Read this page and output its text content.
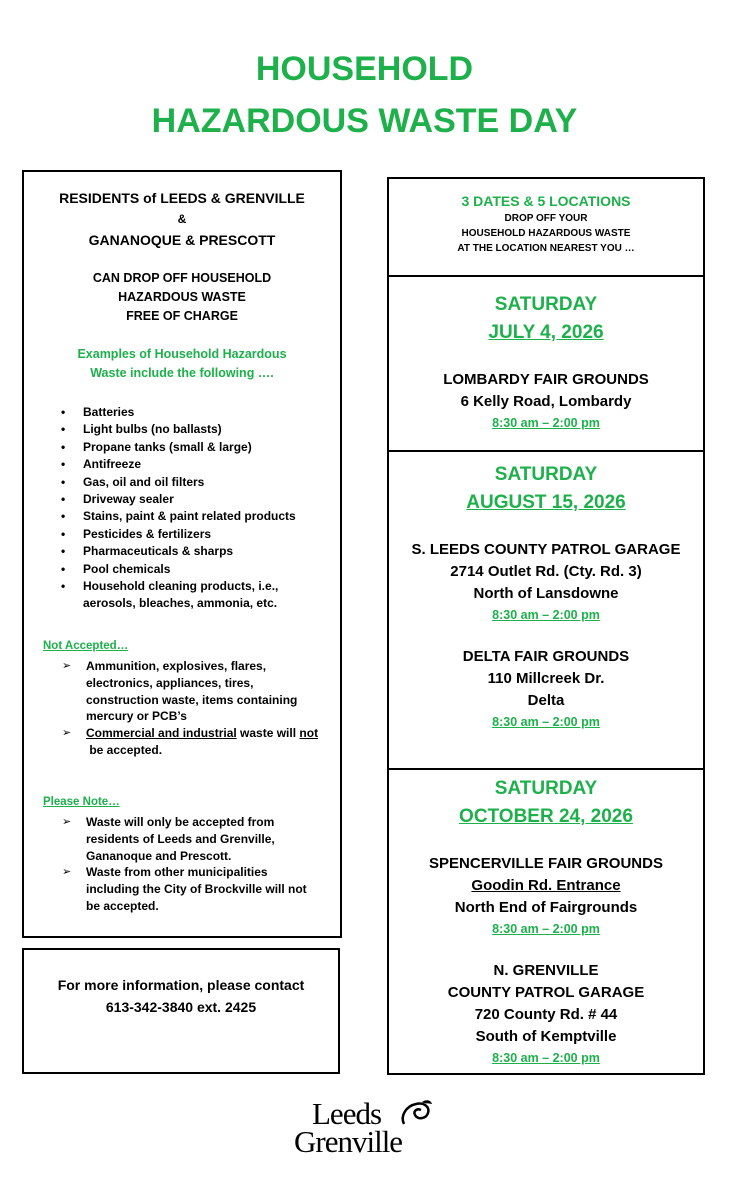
HOUSEHOLD
HAZARDOUS WASTE DAY
RESIDENTS of LEEDS & GRENVILLE
&
GANANOQUE & PRESCOTT
CAN DROP OFF HOUSEHOLD
HAZARDOUS WASTE
FREE OF CHARGE
Examples of Household Hazardous
Waste include the following ….
• Batteries
• Light bulbs (no ballasts)
• Propane tanks (small & large)
• Antifreeze
• Gas, oil and oil filters
• Driveway sealer
• Stains, paint & paint related products
• Pesticides & fertilizers
• Pharmaceuticals & sharps
• Pool chemicals
• Household cleaning products, i.e., aerosols, bleaches, ammonia, etc.
Not Accepted…
➢ Ammunition, explosives, flares, electronics, appliances, tires, construction waste, items containing mercury or PCB’s
➢ Commercial and industrial waste will not be accepted.
Please Note…
➢ Waste will only be accepted from residents of Leeds and Grenville, Gananoque and Prescott.
➢ Waste from other municipalities including the City of Brockville will not be accepted.
For more information, please contact
613-342-3840 ext. 2425
3 DATES & 5 LOCATIONS
DROP OFF YOUR
HOUSEHOLD HAZARDOUS WASTE
AT THE LOCATION NEAREST YOU …
SATURDAY
JULY 4, 2026
LOMBARDY FAIR GROUNDS
6 Kelly Road, Lombardy
8:30 am – 2:00 pm
SATURDAY
AUGUST 15, 2026
S. LEEDS COUNTY PATROL GARAGE
2714 Outlet Rd. (Cty. Rd. 3)
North of Lansdowne
8:30 am – 2:00 pm
DELTA FAIR GROUNDS
110 Millcreek Dr.
Delta
8:30 am – 2:00 pm
SATURDAY
OCTOBER 24, 2026
SPENCERVILLE FAIR GROUNDS
Goodin Rd. Entrance
North End of Fairgrounds
8:30 am – 2:00 pm
N. GRENVILLE
COUNTY PATROL GARAGE
720 County Rd. # 44
South of Kemptville
8:30 am – 2:00 pm
Leeds
Grenville
